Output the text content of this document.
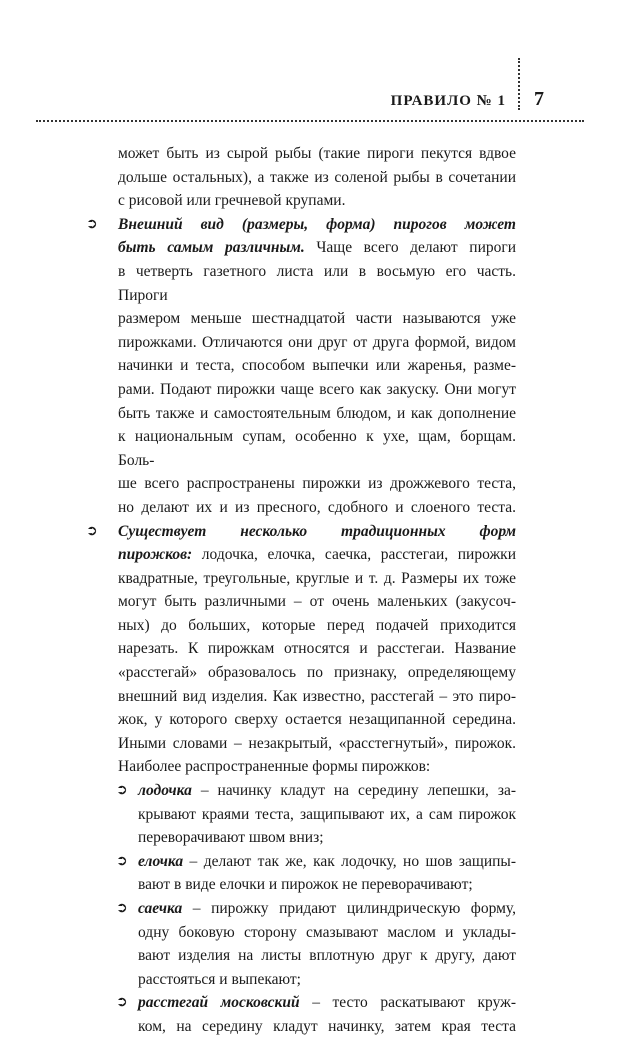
ПРАВИЛО № 1 7
может быть из сырой рыбы (такие пироги пекутся вдвое
дольше остальных), а также из соленой рыбы в сочетании
с рисовой или гречневой крупами.
➲	Внешний вид (размеры, форма) пирогов может
быть самым различным. Чаще всего делают пироги
в четверть газетного листа или в восьмую его часть. Пироги
размером меньше шестнадцатой части называются уже
пирожками. Отличаются они друг от друга формой, видом
начинки и теста, способом выпечки или жаренья, разме-
рами. Подают пирожки чаще всего как закуску. Они могут
быть также и самостоятельным блюдом, и как дополнение
к национальным супам, особенно к ухе, щам, борщам. Боль-
ше всего распространены пирожки из дрожжевого теста,
но делают их и из пресного, сдобного и слоеного теста.
➲	Существует несколько традиционных форм
пирожков: лодочка, елочка, саечка, расстегаи, пирожки
квадратные, треугольные, круглые и т. д. Размеры их тоже
могут быть различными – от очень маленьких (закусоч-
ных) до больших, которые перед подачей приходится
нарезать. К пирожкам относятся и расстегаи. Название
«расстегай» образовалось по признаку, определяющему
внешний вид изделия. Как известно, расстегай – это пиро-
жок, у которого сверху остается незащипанной середина.
Иными словами – незакрытый, «расстегнутый», пирожок.
Наиболее распространенные формы пирожков:
➲ лодочка – начинку кладут на середину лепешки, за-
крывают краями теста, защипывают их, а сам пирожок
переворачивают швом вниз;
➲ елочка – делают так же, как лодочку, но шов защипы-
вают в виде елочки и пирожок не переворачивают;
➲ саечка – пирожку придают цилиндрическую форму,
одну боковую сторону смазывают маслом и уклады-
вают изделия на листы вплотную друг к другу, дают
расстояться и выпекают;
➲ расстегай московский – тесто раскатывают круж-
ком, на середину кладут начинку, затем края теста
